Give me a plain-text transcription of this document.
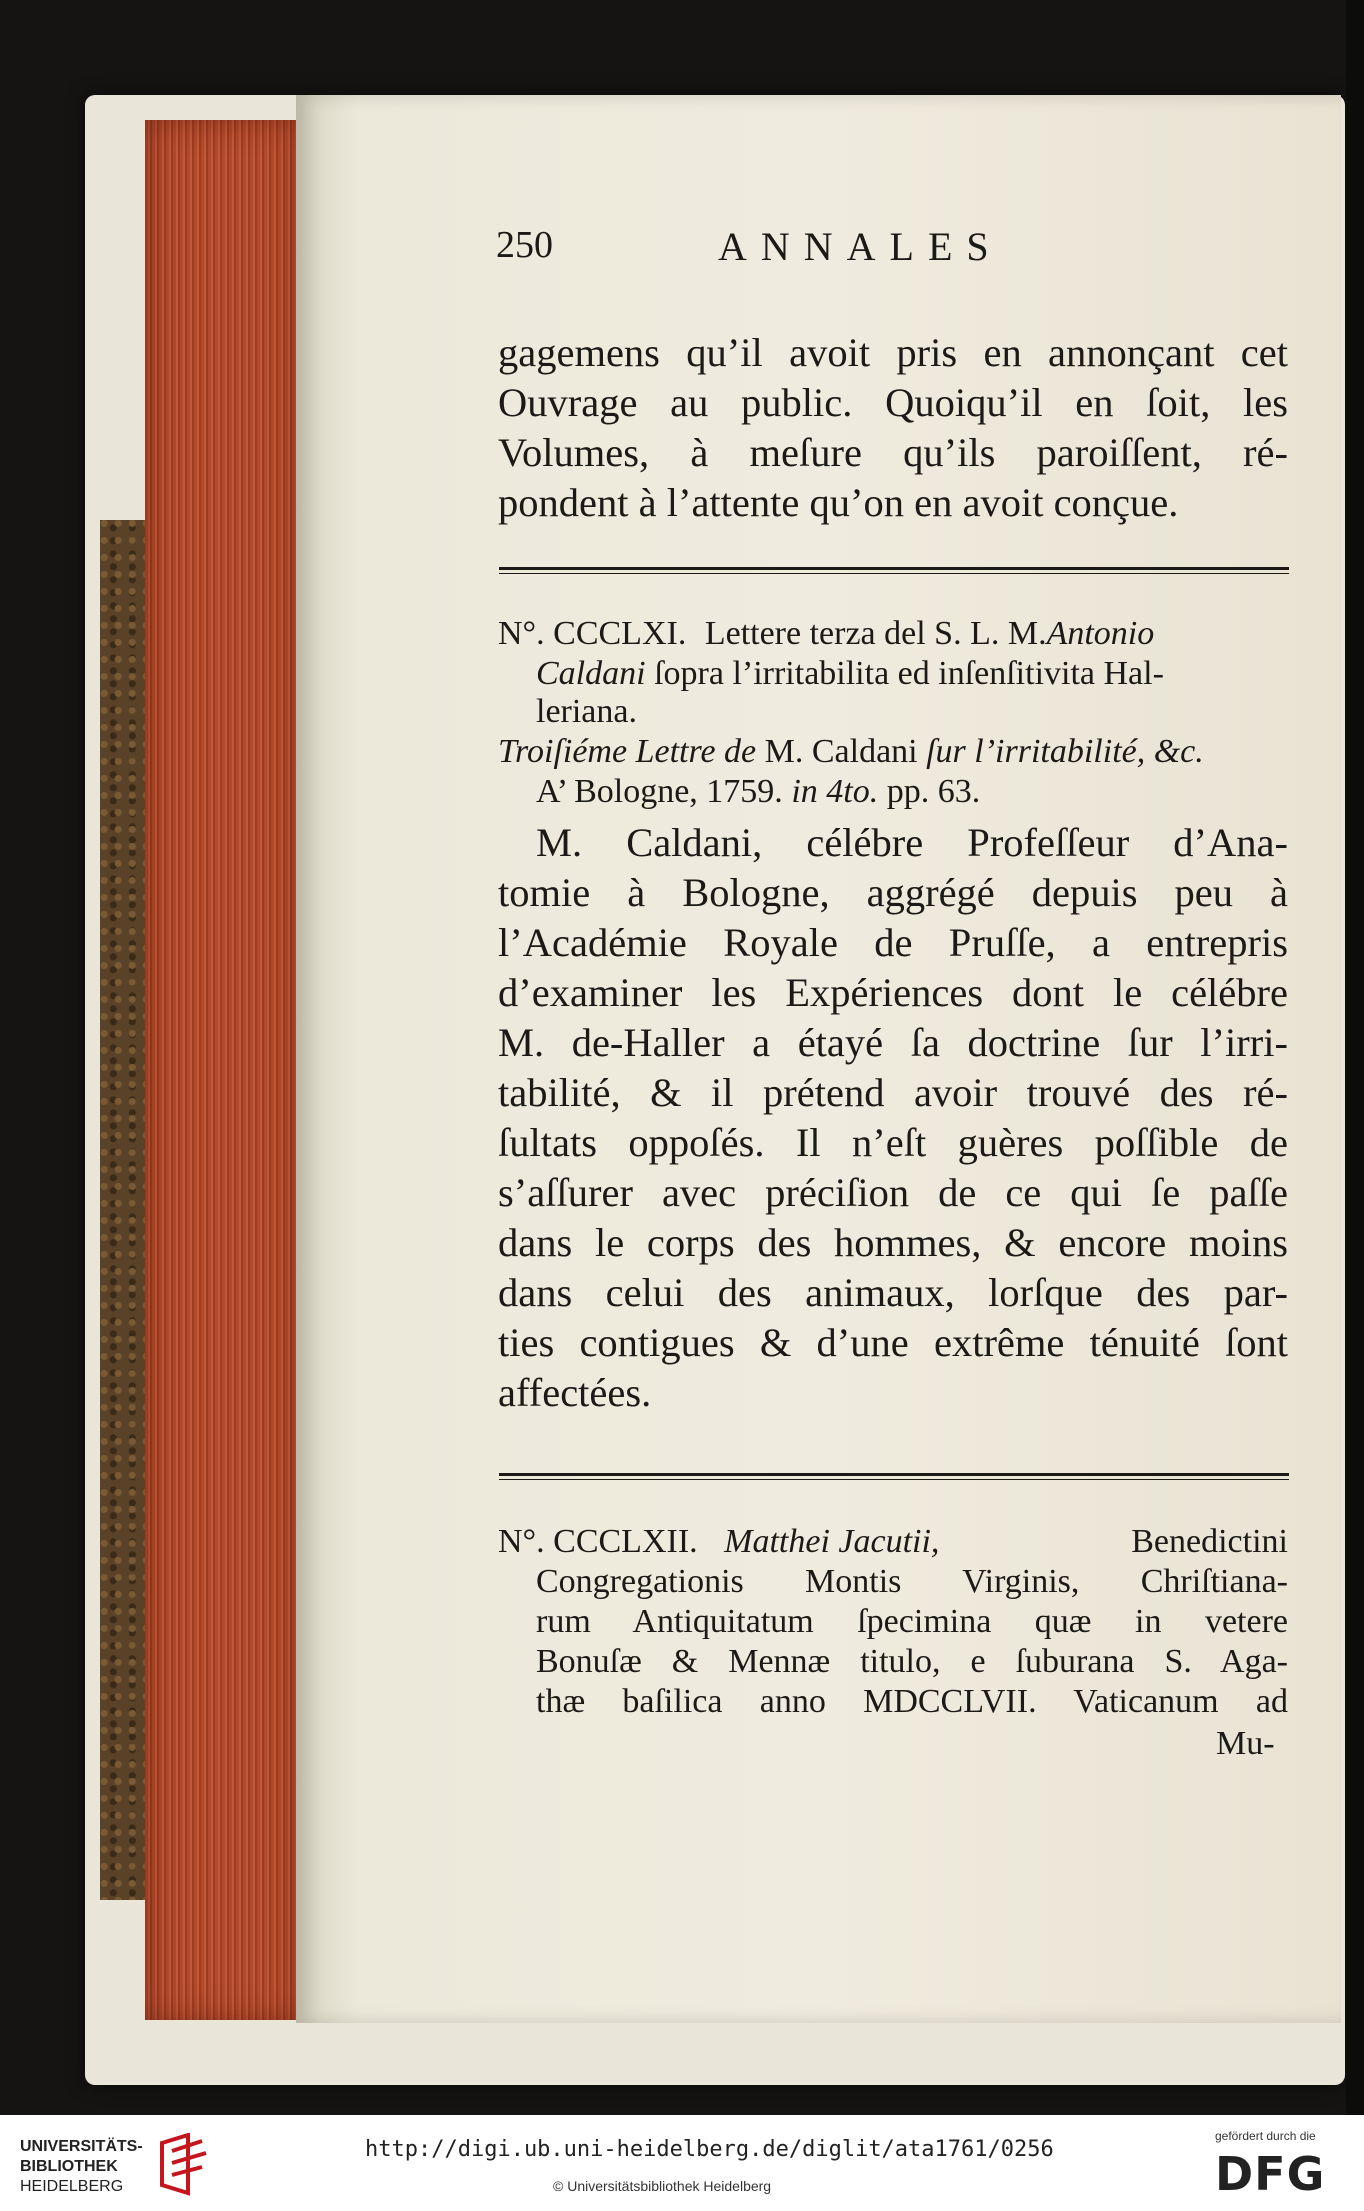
250	ANNALES
gagemens qu’il avoit pris en annonçant cet
Ouvrage au public. Quoiqu’il en ſoit, les
Volumes, à meſure qu’ils paroiſſent, ré-
pondent à l’attente qu’on en avoit conçue.
N°. CCCLXI. Lettere terza del S. L. M.Antonio
Caldani ſopra l’irritabilita ed inſenſitivita Hal-
leriana.
Troiſiéme Lettre de M. Caldani ſur l’irritabilité, &c.
A’ Bologne, 1759. in 4to. pp. 63.
M. Caldani, célébre Profeſſeur d’Ana-
tomie à Bologne, aggrégé depuis peu à
l’Académie Royale de Pruſſe, a entrepris
d’examiner les Expériences dont le célébre
M. de-Haller a étayé ſa doctrine ſur l’irri-
tabilité, & il prétend avoir trouvé des ré-
ſultats oppoſés. Il n’eſt guères poſſible de
s’aſſurer avec préciſion de ce qui ſe paſſe
dans le corps des hommes, & encore moins
dans celui des animaux, lorſque des par-
ties contigues & d’une extrême ténuité ſont
affectées.
N°. CCCLXII. Matthei Jacutii,	Benedictini
Congregationis Montis Virginis, Chriſtiana-
rum Antiquitatum ſpecimina quæ in vetere
Bonuſæ & Mennæ titulo, e ſuburana S. Aga-
thæ baſilica anno MDCCLVII. Vaticanum ad
Mu-
UNIVERSITÄTS-
BIBLIOTHEK
HEIDELBERG
http://digi.ub.uni-heidelberg.de/diglit/ata1761/0256
© Universitätsbibliothek Heidelberg
gefördert durch die
DFG
